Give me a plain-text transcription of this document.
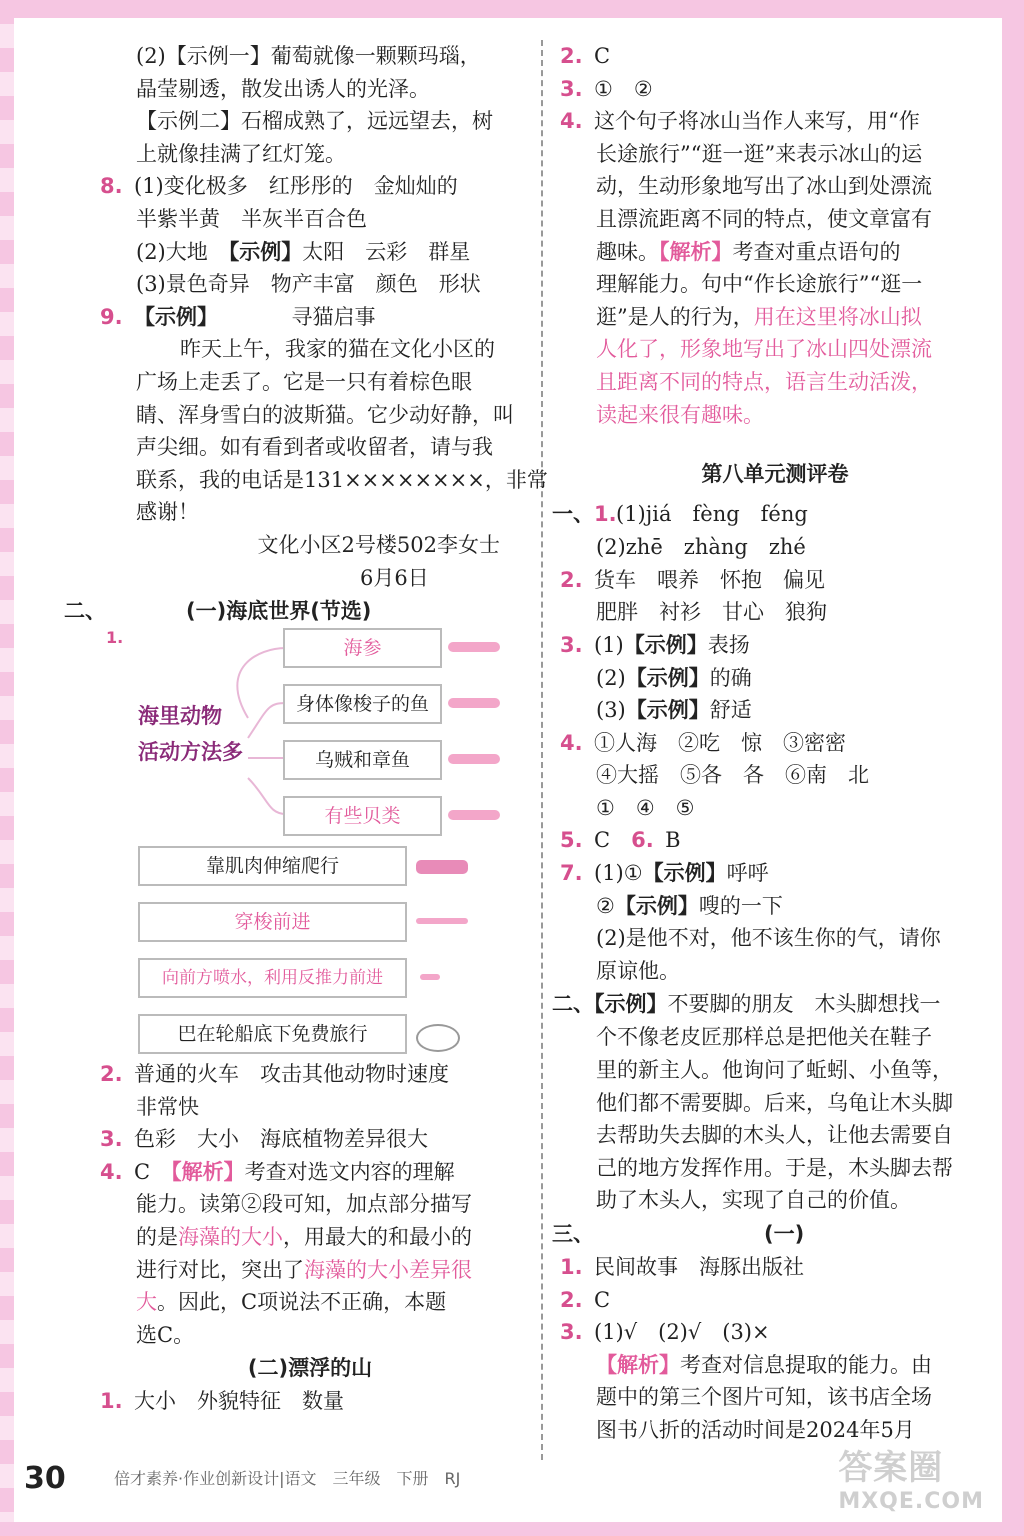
(2)【示例一】葡萄就像一颗颗玛瑙，
晶莹剔透，散发出诱人的光泽。
【示例二】石榴成熟了，远远望去，树
上就像挂满了红灯笼。
8. (1)变化极多　红彤彤的　金灿灿的
半紫半黄　半灰半百合色
(2)大地　 【示例】太阳　云彩　群星
(3)景色奇异　物产丰富　颜色　形状
9. 【示例】　　　　	寻猫启事
昨天上午，我家的猫在文化小区的
广场上走丢了。它是一只有着棕色眼
睛、浑身雪白的波斯猫。它少动好静，叫
声尖细。如有看到者或收留者，请与我
联系，我的电话是131××××××××，非常
感谢！
文化小区2号楼502李女士
6月6日
二、	(一)海底世界(节选)
1.
海里动物
活动方法多
海参
身体像梭子的鱼
乌贼和章鱼
有些贝类
靠肌肉伸缩爬行
穿梭前进
向前方喷水，利用反推力前进
巴在轮船底下免费旅行
2. 普通的火车　攻击其他动物时速度
非常快
3. 色彩　大小　海底植物差异很大
4. C　【解析】考查对选文内容的理解
能力。读第②段可知，加点部分描写
的是海藻的大小，用最大的和最小的
进行对比，突出了海藻的大小差异很
大。因此，C项说法不正确，本题
选C。
(二)漂浮的山
1. 大小　外貌特征　数量
2. C
3. ①　②
4. 这个句子将冰山当作人来写，用“作
长途旅行”“逛一逛”来表示冰山的运
动，生动形象地写出了冰山到处漂流
且漂流距离不同的特点，使文章富有
趣味。【解析】考查对重点语句的
理解能力。句中“作长途旅行”“逛一
逛”是人的行为，用在这里将冰山拟
人化了，形象地写出了冰山四处漂流
且距离不同的特点，语言生动活泼，
读起来很有趣味。
第八单元测评卷
一、1.(1)jiá　fèng　féng
(2)zhē　zhàng　zhé
2. 货车　喂养　怀抱　偏见
肥胖　衬衫　甘心　狼狗
3. (1)【示例】表扬
(2)【示例】的确
(3)【示例】舒适
4. ①人海　②吃　惊　③密密
④大摇　⑤各　各　⑥南　北
①　④　⑤
5. C　6. B
7. (1)①【示例】呼呼
②【示例】嗖的一下
(2)是他不对，他不该生你的气，请你
原谅他。
二、【示例】不要脚的朋友　木头脚想找一
个不像老皮匠那样总是把他关在鞋子
里的新主人。他询问了蚯蚓、小鱼等，
他们都不需要脚。后来，乌龟让木头脚
去帮助失去脚的木头人，让他去需要自
己的地方发挥作用。于是，木头脚去帮
助了木头人，实现了自己的价值。
三、	(一)
1. 民间故事　海豚出版社
2. C
3. (1)√　(2)√　(3)×
【解析】考查对信息提取的能力。由
题中的第三个图片可知，该书店全场
图书八折的活动时间是2024年5月
30	倍才素养·作业创新设计|语文　三年级　下册　RJ	答案圈
MXQE.COM
